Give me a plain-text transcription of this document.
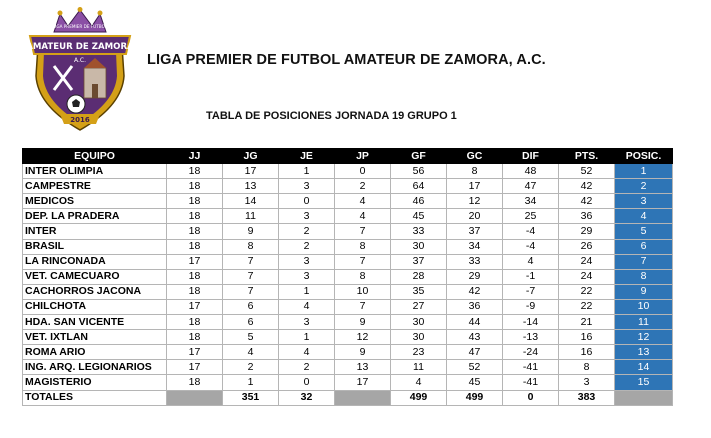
LIGA PREMIER DE FUTBOL
AMATEUR DE ZAMORA
A.C.
2016
LIGA PREMIER DE FUTBOL AMATEUR DE ZAMORA, A.C.
TABLA DE POSICIONES JORNADA 19 GRUPO 1
EQUIPO	JJ	JG	JE	JP	GF	GC	DIF	PTS.	POSIC.
INTER OLIMPIA	18	17	1	0	56	8	48	52	1
CAMPESTRE	18	13	3	2	64	17	47	42	2
MEDICOS	18	14	0	4	46	12	34	42	3
DEP. LA PRADERA	18	11	3	4	45	20	25	36	4
INTER	18	9	2	7	33	37	-4	29	5
BRASIL	18	8	2	8	30	34	-4	26	6
LA RINCONADA	17	7	3	7	37	33	4	24	7
VET. CAMECUARO	18	7	3	8	28	29	-1	24	8
CACHORROS JACONA	18	7	1	10	35	42	-7	22	9
CHILCHOTA	17	6	4	7	27	36	-9	22	10
HDA. SAN VICENTE	18	6	3	9	30	44	-14	21	11
VET. IXTLAN	18	5	1	12	30	43	-13	16	12
ROMA ARIO	17	4	4	9	23	47	-24	16	13
ING. ARQ. LEGIONARIOS	17	2	2	13	11	52	-41	8	14
MAGISTERIO	18	1	0	17	4	45	-41	3	15
TOTALES		351	32		499	499	0	383	
